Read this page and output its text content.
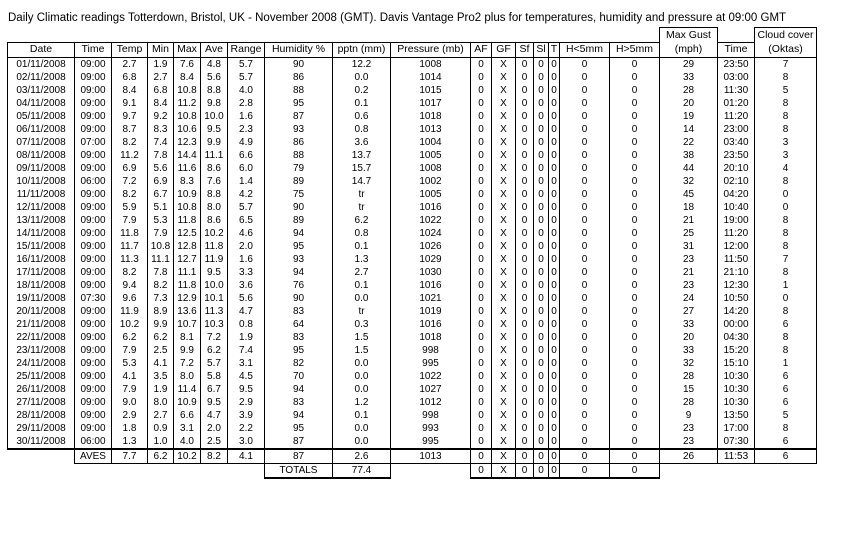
Daily Climatic readings Totterdown, Bristol, UK - November 2008 (GMT). Davis Vantage Pro2 plus for temperatures, humidity and pressure at 09:00 GMT
																	Max Gust		Cloud cover
Date	Time	Temp	Min	Max	Ave	Range	Humidity %	pptn (mm)	Pressure (mb)	AF	GF	Sf	Sl	T	H<5mm	H>5mm	(mph)	Time	(Oktas)
01/11/2008	09:00	2.7	1.9	7.6	4.8	5.7	90	12.2	1008	0	X	0	0	0	0	0	29	23:50	7
02/11/2008	09:00	6.8	2.7	8.4	5.6	5.7	86	0.0	1014	0	X	0	0	0	0	0	33	03:00	8
03/11/2008	09:00	8.4	6.8	10.8	8.8	4.0	88	0.2	1015	0	X	0	0	0	0	0	28	11:30	5
04/11/2008	09:00	9.1	8.4	11.2	9.8	2.8	95	0.1	1017	0	X	0	0	0	0	0	20	01:20	8
05/11/2008	09:00	9.7	9.2	10.8	10.0	1.6	87	0.6	1018	0	X	0	0	0	0	0	19	11:20	8
06/11/2008	09:00	8.7	8.3	10.6	9.5	2.3	93	0.8	1013	0	X	0	0	0	0	0	14	23:00	8
07/11/2008	07:00	8.2	7.4	12.3	9.9	4.9	86	3.6	1004	0	X	0	0	0	0	0	22	03:40	3
08/11/2008	09:00	11.2	7.8	14.4	11.1	6.6	88	13.7	1005	0	X	0	0	0	0	0	38	23:50	3
09/11/2008	09:00	6.9	5.6	11.6	8.6	6.0	79	15.7	1008	0	X	0	0	0	0	0	44	20:10	4
10/11/2008	06:00	7.2	6.9	8.3	7.6	1.4	89	14.7	1002	0	X	0	0	0	0	0	32	02:10	8
11/11/2008	09:00	8.2	6.7	10.9	8.8	4.2	75	tr	1005	0	X	0	0	0	0	0	45	04:20	0
12/11/2008	09:00	5.9	5.1	10.8	8.0	5.7	90	tr	1016	0	X	0	0	0	0	0	18	10:40	0
13/11/2008	09:00	7.9	5.3	11.8	8.6	6.5	89	6.2	1022	0	X	0	0	0	0	0	21	19:00	8
14/11/2008	09:00	11.8	7.9	12.5	10.2	4.6	94	0.8	1024	0	X	0	0	0	0	0	25	11:20	8
15/11/2008	09:00	11.7	10.8	12.8	11.8	2.0	95	0.1	1026	0	X	0	0	0	0	0	31	12:00	8
16/11/2008	09:00	11.3	11.1	12.7	11.9	1.6	93	1.3	1029	0	X	0	0	0	0	0	23	11:50	7
17/11/2008	09:00	8.2	7.8	11.1	9.5	3.3	94	2.7	1030	0	X	0	0	0	0	0	21	21:10	8
18/11/2008	09:00	9.4	8.2	11.8	10.0	3.6	76	0.1	1016	0	X	0	0	0	0	0	23	12:30	1
19/11/2008	07:30	9.6	7.3	12.9	10.1	5.6	90	0.0	1021	0	X	0	0	0	0	0	24	10:50	0
20/11/2008	09:00	11.9	8.9	13.6	11.3	4.7	83	tr	1019	0	X	0	0	0	0	0	27	14:20	8
21/11/2008	09:00	10.2	9.9	10.7	10.3	0.8	64	0.3	1016	0	X	0	0	0	0	0	33	00:00	6
22/11/2008	09:00	6.2	6.2	8.1	7.2	1.9	83	1.5	1018	0	X	0	0	0	0	0	20	04:30	8
23/11/2008	09:00	7.9	2.5	9.9	6.2	7.4	95	1.5	998	0	X	0	0	0	0	0	33	15:20	8
24/11/2008	09:00	5.3	4.1	7.2	5.7	3.1	82	0.0	995	0	X	0	0	0	0	0	32	15:10	1
25/11/2008	09:00	4.1	3.5	8.0	5.8	4.5	70	0.0	1022	0	X	0	0	0	0	0	28	10:30	6
26/11/2008	09:00	7.9	1.9	11.4	6.7	9.5	94	0.0	1027	0	X	0	0	0	0	0	15	10:30	6
27/11/2008	09:00	9.0	8.0	10.9	9.5	2.9	83	1.2	1012	0	X	0	0	0	0	0	28	10:30	6
28/11/2008	09:00	2.9	2.7	6.6	4.7	3.9	94	0.1	998	0	X	0	0	0	0	0	9	13:50	5
29/11/2008	09:00	1.8	0.9	3.1	2.0	2.2	95	0.0	993	0	X	0	0	0	0	0	23	17:00	8
30/11/2008	06:00	1.3	1.0	4.0	2.5	3.0	87	0.0	995	0	X	0	0	0	0	0	23	07:30	6
	AVES	7.7	6.2	10.2	8.2	4.1	87	2.6	1013	0	X	0	0	0	0	0	26	11:53	6
							TOTALS	77.4		0	X	0	0	0	0	0			
